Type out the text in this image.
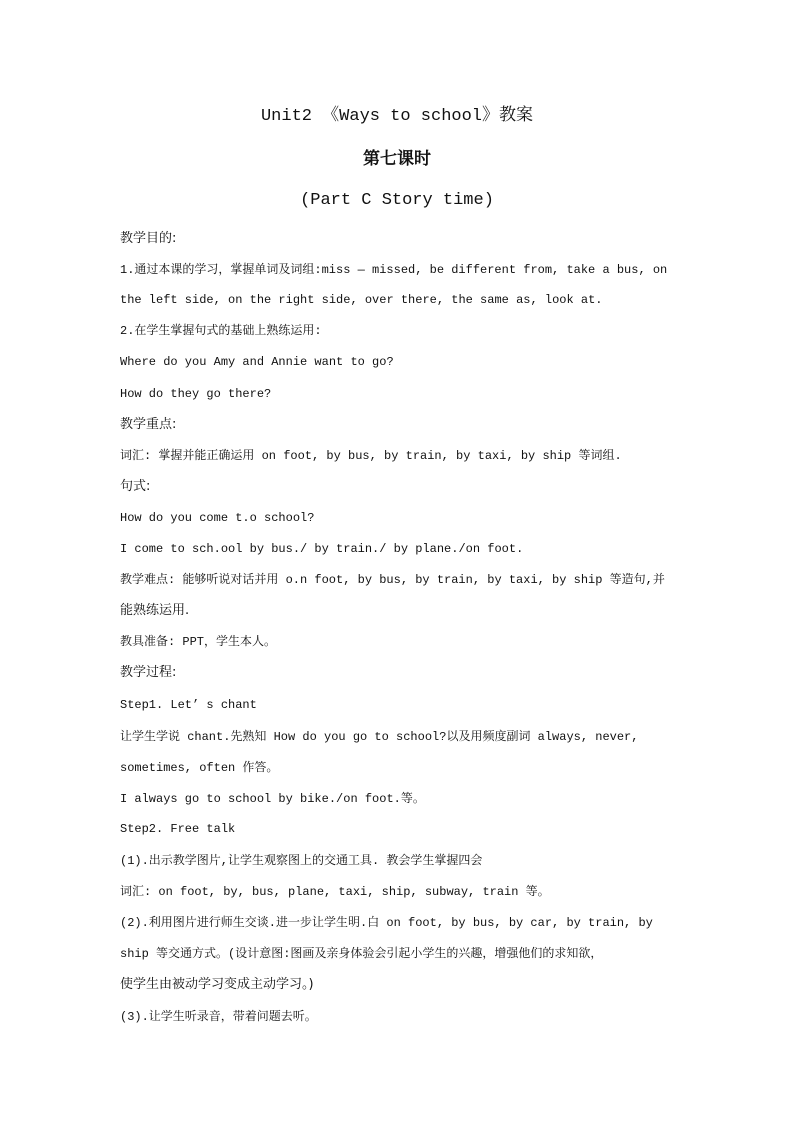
Unit2 《Ways to school》教案
第七课时
(Part C Story time)
教学目的:
1.通过本课的学习，掌握单词及词组:miss — missed, be different from, take a bus, on
the left side, on the right side, over there, the same as, look at.
2.在学生掌握句式的基础上熟练运用:
Where do you Amy and Annie want to go?
How do they go there?
教学重点:
词汇: 掌握并能正确运用 on foot, by bus, by train, by taxi, by ship 等词组.
句式:
How do you come t.o school?
I come to sch.ool by bus./ by train./ by plane./on foot.
教学难点: 能够听说对话并用 o.n foot, by bus, by train, by taxi, by ship 等造句,并
能熟练运用.
教具准备: PPT，学生本人。
教学过程:
Step1. Let’ s chant
让学生学说 chant.先熟知 How do you go to school?以及用频度副词 always, never,
sometimes, often 作答。
I always go to school by bike./on foot.等。
Step2. Free talk
(1).出示教学图片,让学生观察图上的交通工具. 教会学生掌握四会
词汇: on foot, by, bus, plane, taxi, ship, subway, train 等。
(2).利用图片进行师生交谈.进一步让学生明.白 on foot, by bus, by car, by train, by
ship 等交通方式。(设计意图:图画及亲身体验会引起小学生的兴趣，增强他们的求知欲，
使学生由被动学习变成主动学习。)
(3).让学生听录音，带着问题去听。
